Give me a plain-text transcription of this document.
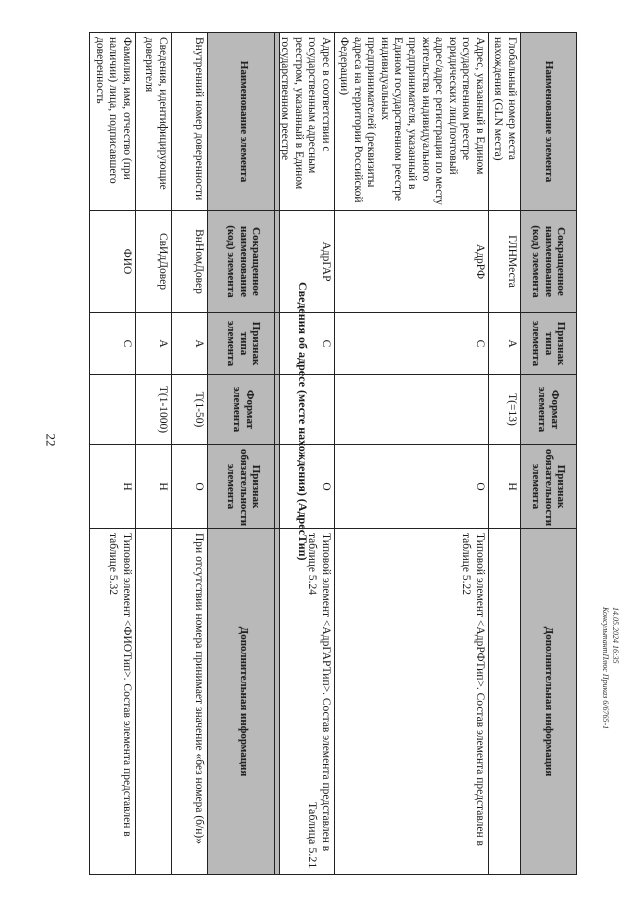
22
Наименование элемента	Сокращенное наименование (код) элемента	Признак типа элемента	Формат элемента	Признак обязательности элемента	Дополнительная информация
Внутренний номер доверенности	ВнНомДовер	А	T(1-50)	О	При отсутствии номера принимает значение «без номера (б/н)»
Сведения, идентифицирующие доверителя	СвИдДовер	А	T(1-1000)	Н	
Фамилия, имя, отчество (при наличии) лица, подписавшего доверенность	ФИО	С		Н	Типовой элемент <ФИОТип>. Состав элемента представлен в таблице 5.32
Таблица 5.21
Сведения об адресе (месте нахождения) (АдресТип)
Наименование элемента	Сокращенное наименование (код) элемента	Признак типа элемента	Формат элемента	Признак обязательности элемента	Дополнительная информация
Глобальный номер места нахождения (GLN места)	ГЛНМеста	А	T(=13)	Н	
Адрес, указанный в Едином государственном реестре юридических лиц/почтовый адрес/адрес регистрации по месту жительства индивидуального предпринимателя, указанный в Едином государственном реестре индивидуальных предпринимателей (реквизиты адреса на территории Российской Федерации)	АдрРФ	С		О	Типовой элемент <АдрРФТип>. Состав элемента представлен в таблице 5.22
Адрес в соответствии с государственным адресным реестром, указанный в Едином государственном реестре	АдрГАР	С		О	Типовой элемент <АдрГАРТип>. Состав элемента представлен в таблице 5.24
14.05.2024 16:35
КонсультантПлюс Приказ 6/6765-1
